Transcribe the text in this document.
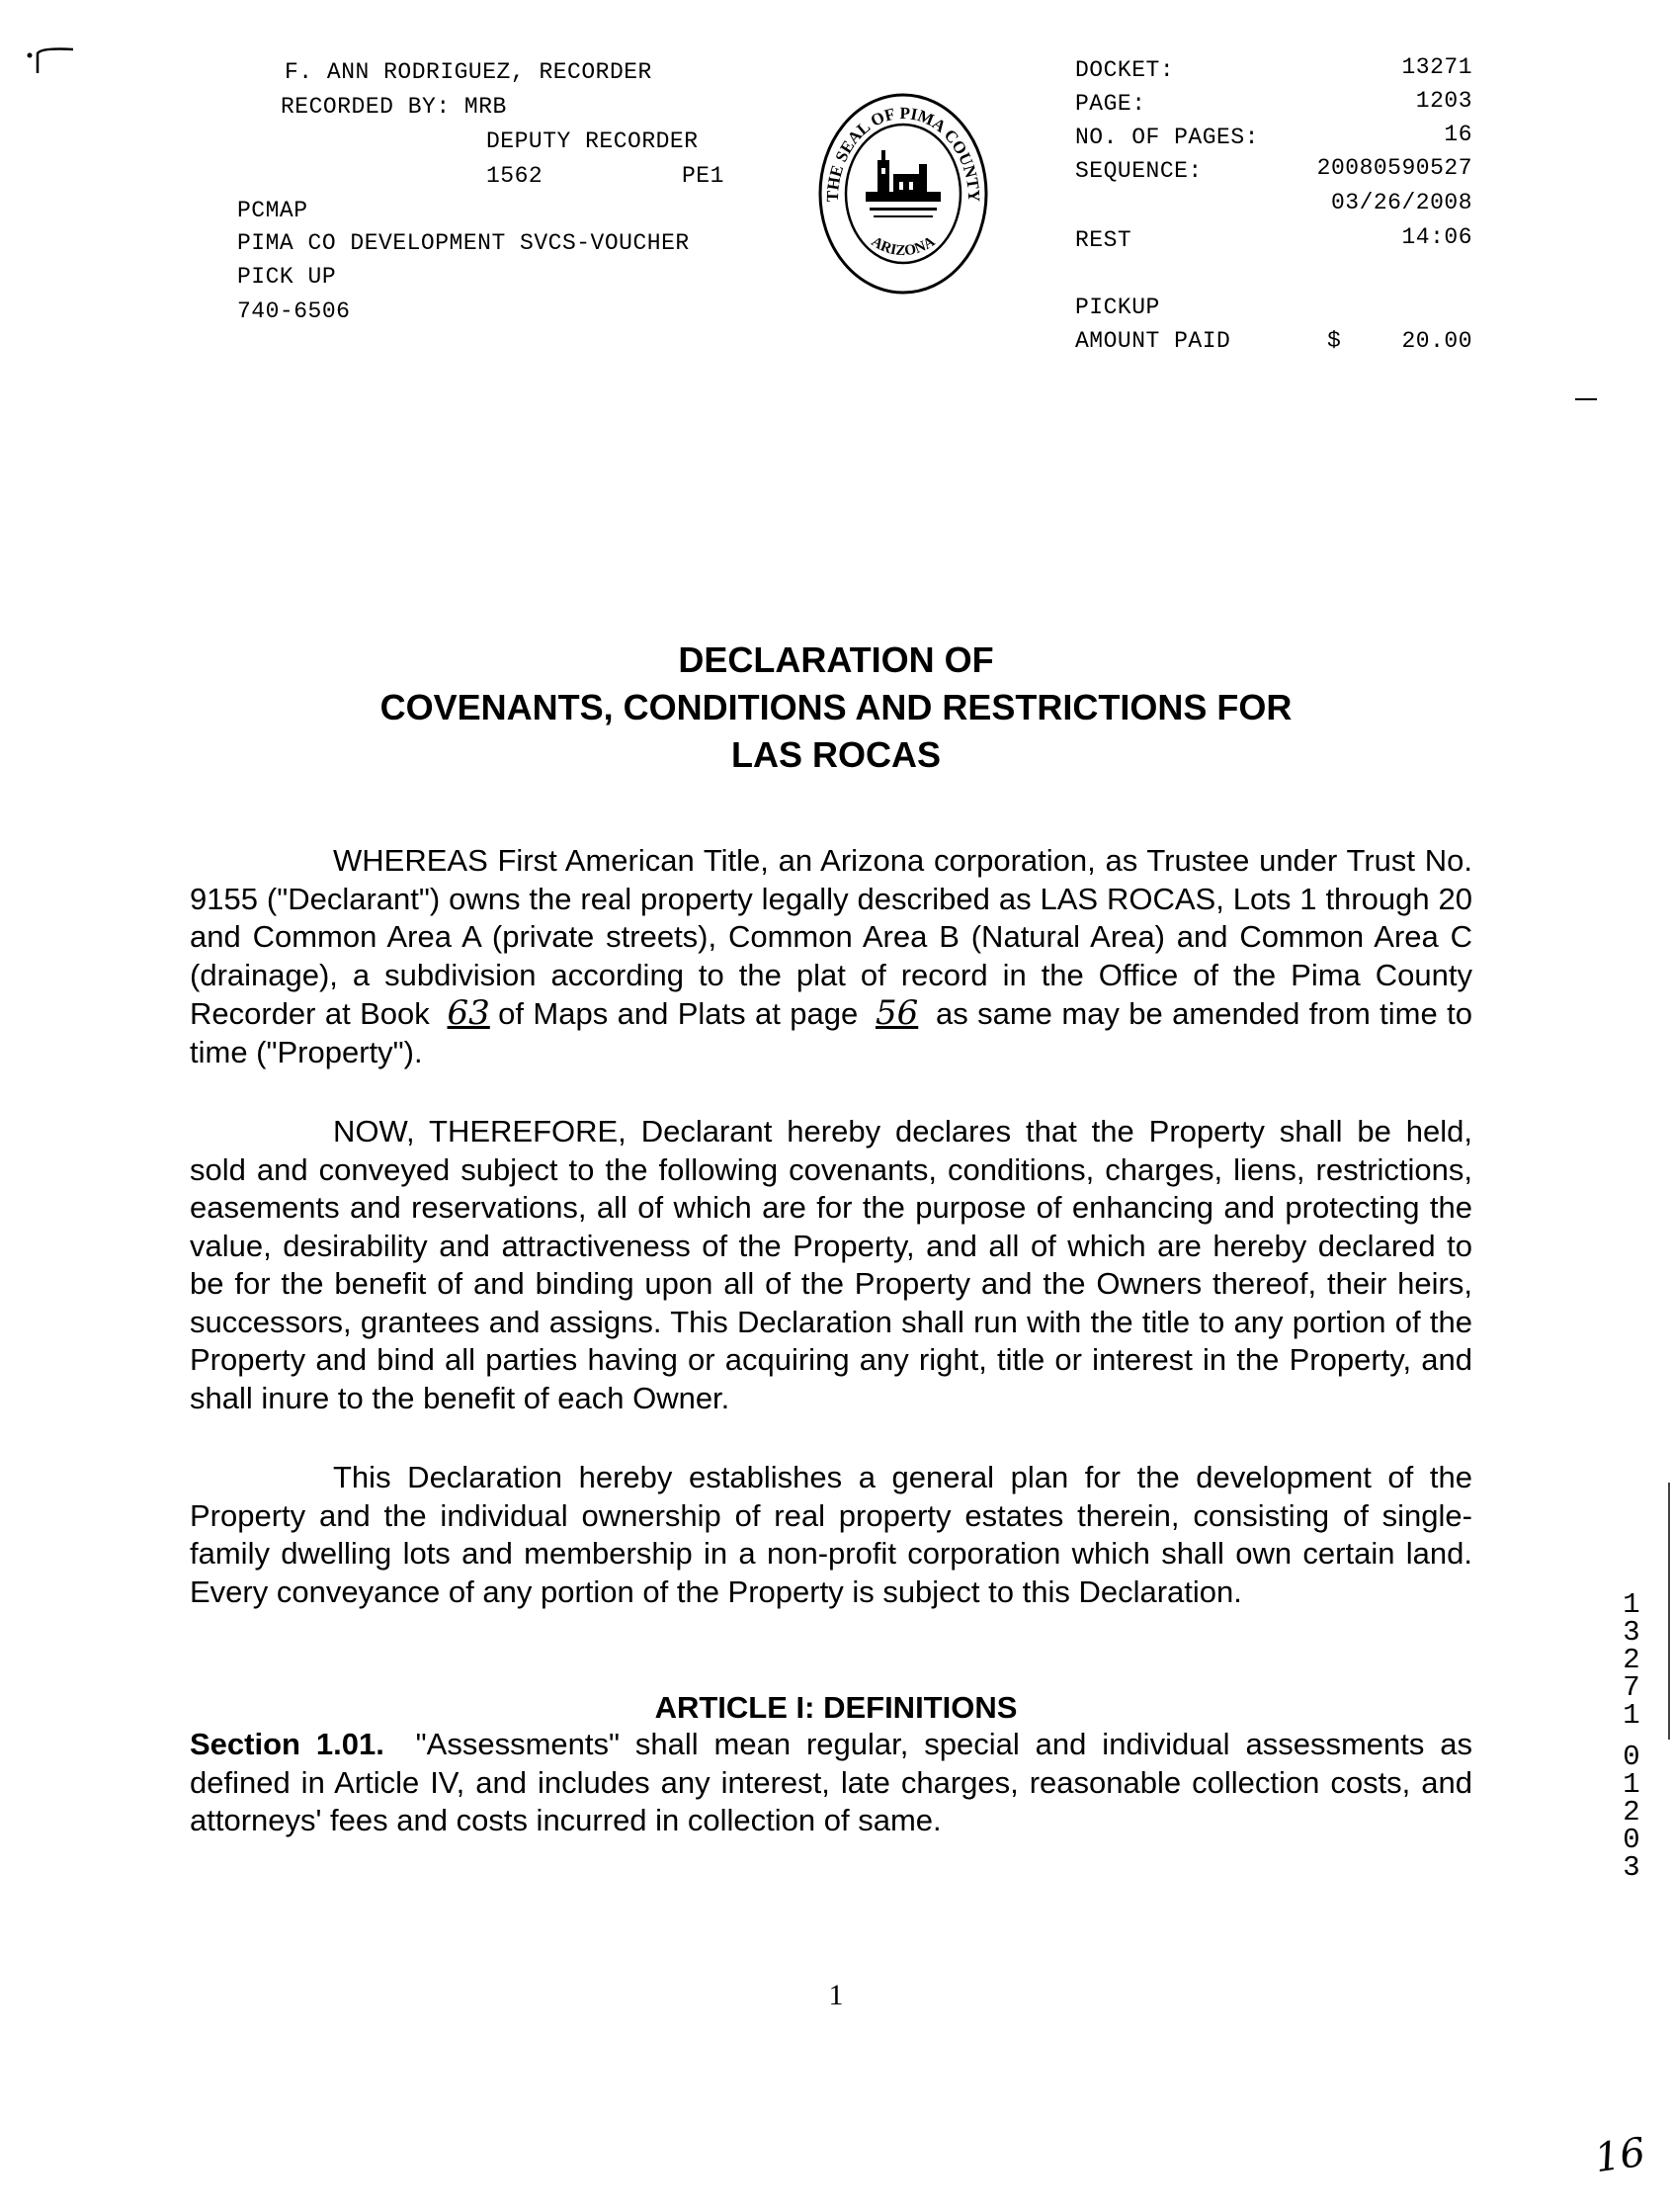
F. ANN RODRIGUEZ, RECORDER
RECORDED BY: MRB
DEPUTY RECORDER
1562	PE1
PCMAP
PIMA CO DEVELOPMENT SVCS-VOUCHER
PICK UP
740-6506
THE SEAL OF PIMA COUNTY
ARIZONA
DOCKET:	13271
PAGE:	1203
NO. OF PAGES:	16
SEQUENCE:	20080590527
03/26/2008
REST	14:06
PICKUP
AMOUNT PAID	$	20.00
DECLARATION OF
COVENANTS, CONDITIONS AND RESTRICTIONS FOR
LAS ROCAS
WHEREAS First American Title, an Arizona corporation, as Trustee under Trust No. 9155 ("Declarant") owns the real property legally described as LAS ROCAS, Lots 1 through 20 and Common Area A (private streets), Common Area B (Natural Area) and Common Area C (drainage), a subdivision according to the plat of record in the Office of the Pima County Recorder at Book 63 of Maps and Plats at page 56 as same may be amended from time to time ("Property").
NOW, THEREFORE, Declarant hereby declares that the Property shall be held, sold and conveyed subject to the following covenants, conditions, charges, liens, restrictions, easements and reservations, all of which are for the purpose of enhancing and protecting the value, desirability and attractiveness of the Property, and all of which are hereby declared to be for the benefit of and binding upon all of the Property and the Owners thereof, their heirs, successors, grantees and assigns. This Declaration shall run with the title to any portion of the Property and bind all parties having or acquiring any right, title or interest in the Property, and shall inure to the benefit of each Owner.
This Declaration hereby establishes a general plan for the development of the Property and the individual ownership of real property estates therein, consisting of single-family dwelling lots and membership in a non-profit corporation which shall own certain land. Every conveyance of any portion of the Property is subject to this Declaration.
ARTICLE I: DEFINITIONS
Section 1.01. "Assessments" shall mean regular, special and individual assessments as defined in Article IV, and includes any interest, late charges, reasonable collection costs, and attorneys' fees and costs incurred in collection of same.
1
1
3
2
7
1
0
1
2
0
3
16
